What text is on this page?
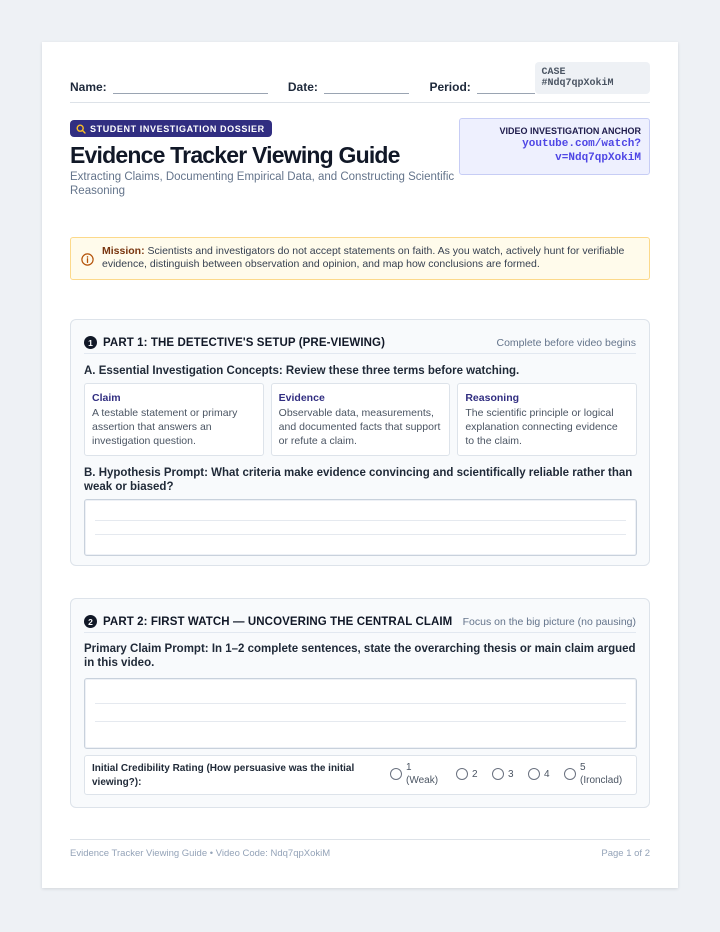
Name:	Date:	Period:
CASE #Ndq7qpXokiM
STUDENT INVESTIGATION DOSSIER
Evidence Tracker Viewing Guide
Extracting Claims, Documenting Empirical Data, and Constructing Scientific Reasoning
VIDEO INVESTIGATION ANCHOR
youtube.com/watch?
v=Ndq7qpXokiM
Mission: Scientists and investigators do not accept statements on faith. As you watch, actively hunt for verifiable evidence, distinguish between observation and opinion, and map how conclusions are formed.
1 PART 1: THE DETECTIVE'S SETUP (PRE-VIEWING)	Complete before video begins
A. Essential Investigation Concepts: Review these three terms before watching.
Claim
A testable statement or primary assertion that answers an investigation question.
Evidence
Observable data, measurements, and documented facts that support or refute a claim.
Reasoning
The scientific principle or logical explanation connecting evidence to the claim.
B. Hypothesis Prompt: What criteria make evidence convincing and scientifically reliable rather than weak or biased?
2 PART 2: FIRST WATCH — UNCOVERING THE CENTRAL CLAIM Focus on the big picture (no pausing)
Primary Claim Prompt: In 1–2 complete sentences, state the overarching thesis or main claim argued in this video.
Initial Credibility Rating (How persuasive was the initial viewing?):
1
(Weak)
2	3	4
5
(Ironclad)
Evidence Tracker Viewing Guide • Video Code: Ndq7qpXokiM	Page 1 of 2
